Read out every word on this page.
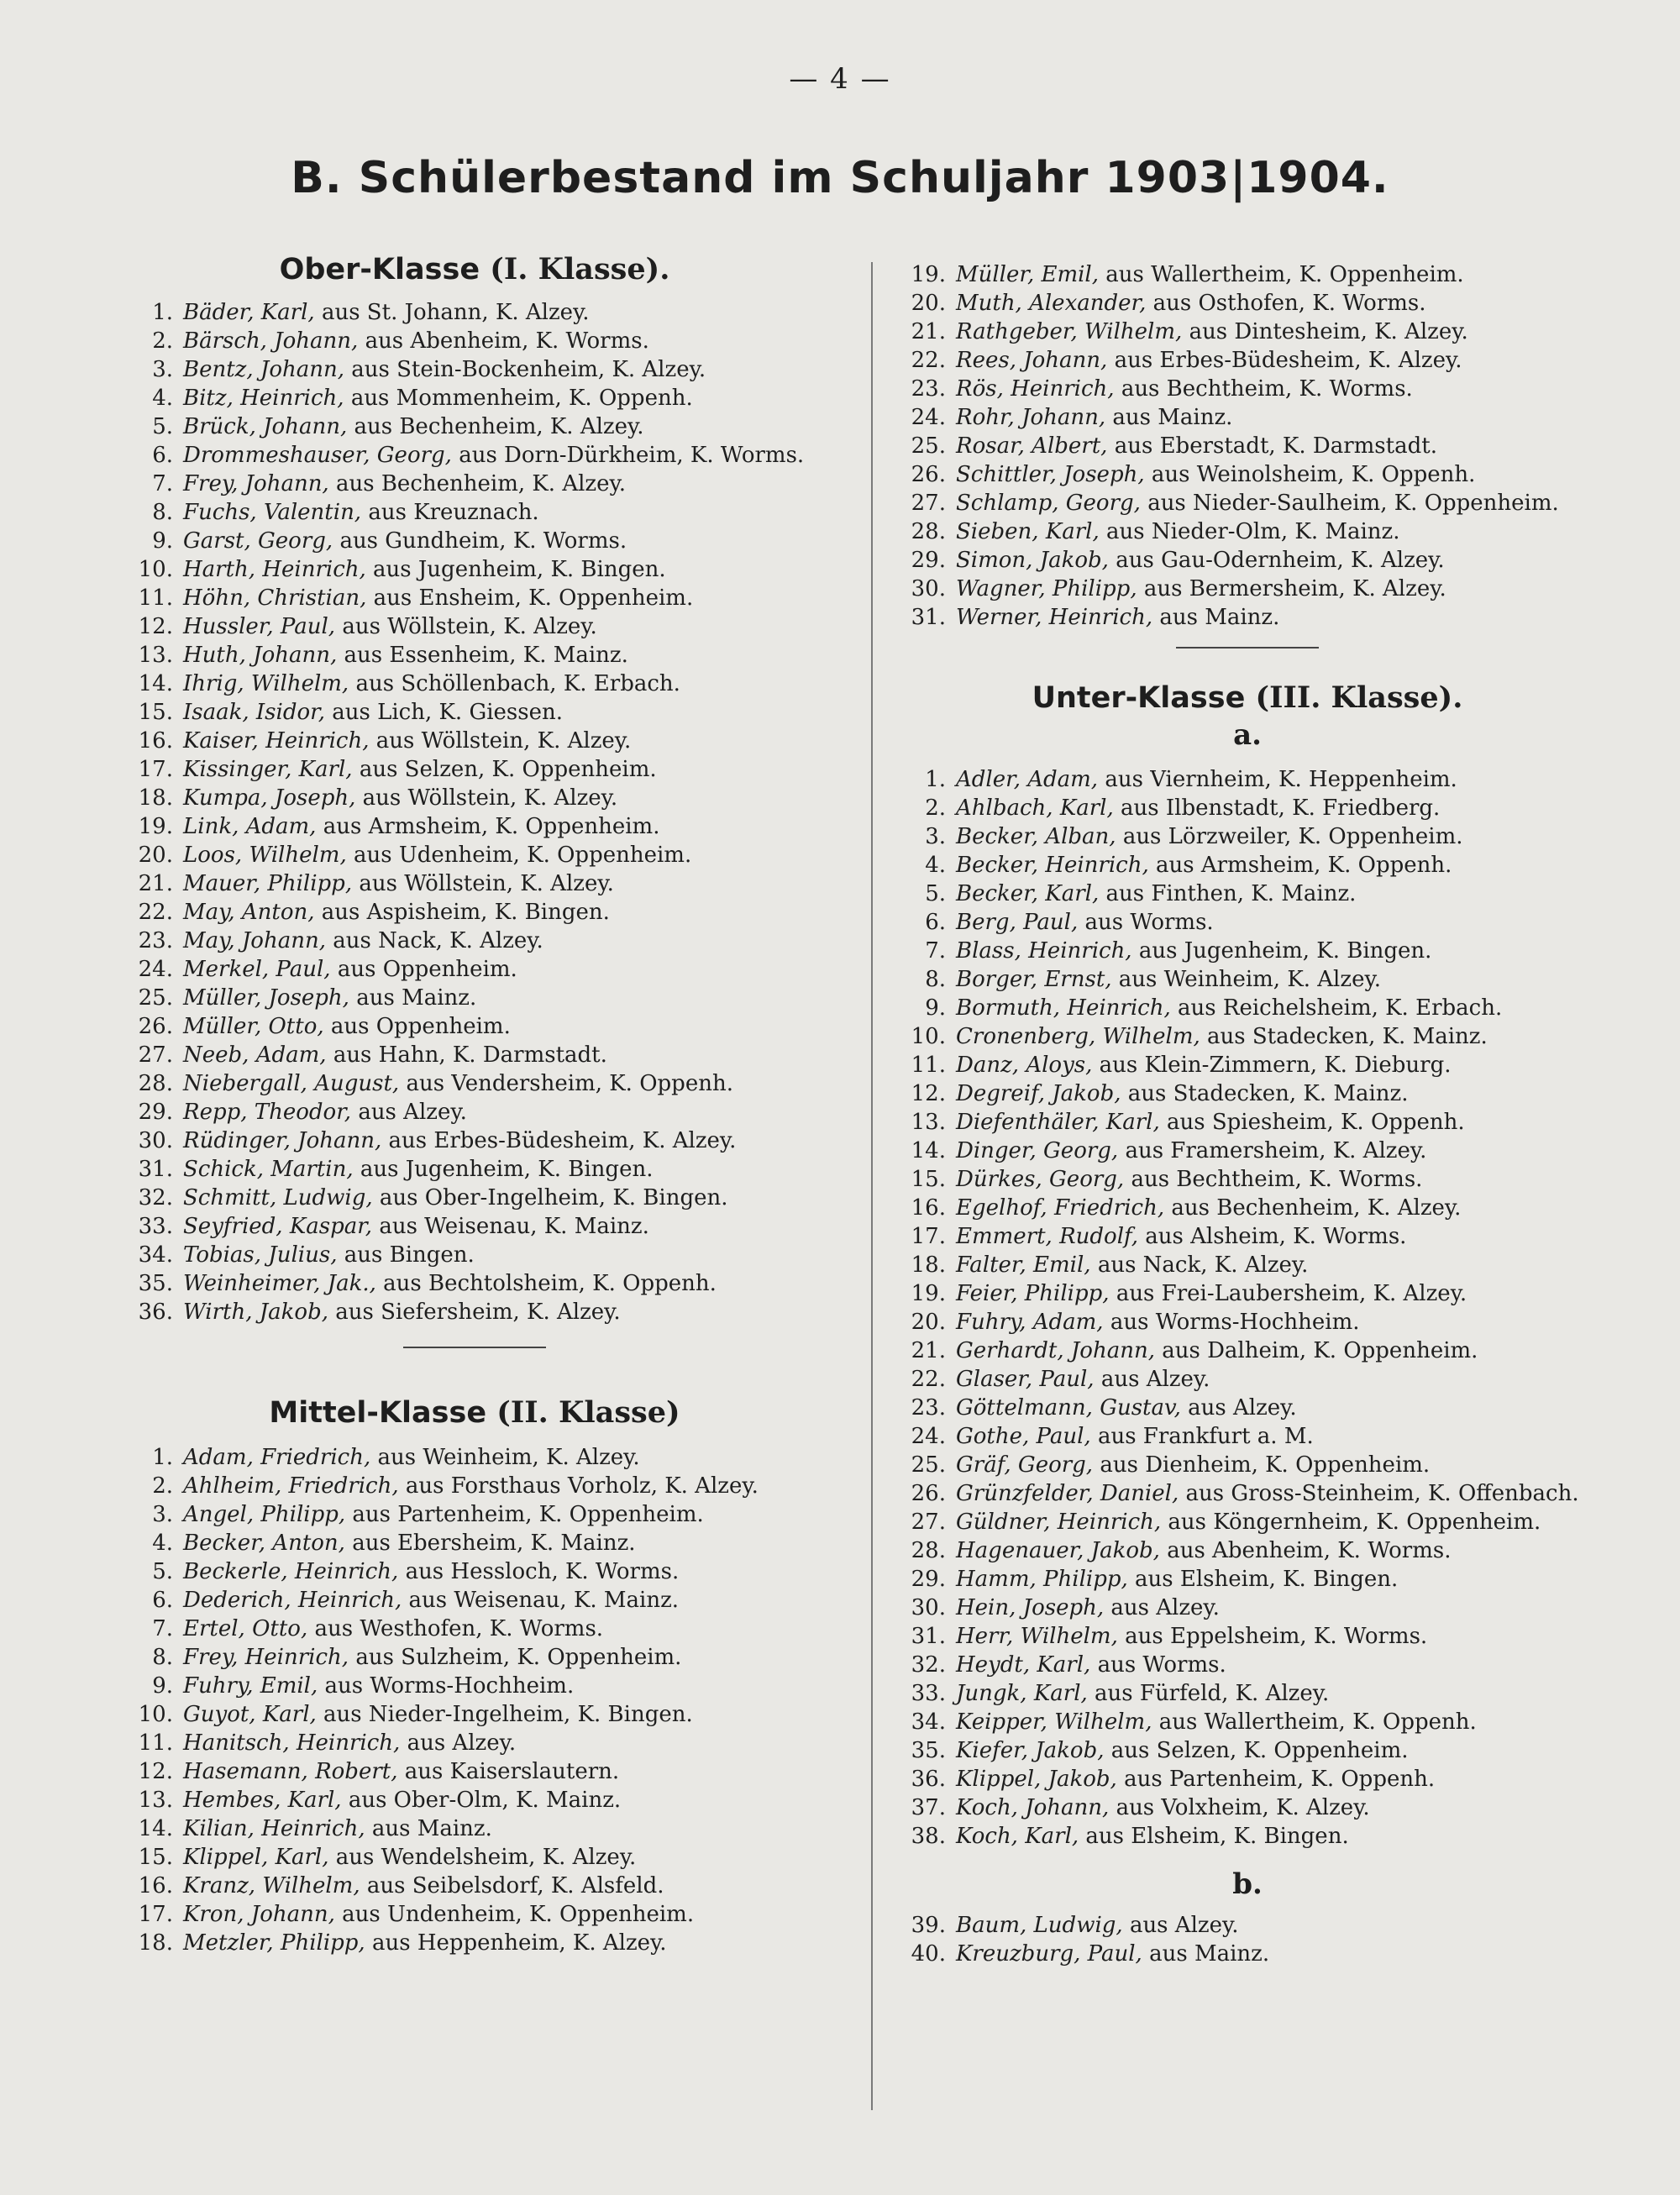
— 4 —
B. Schülerbestand im Schuljahr 1903|1904.
Ober-Klasse (I. Klasse).
1. Bäder, Karl, aus St. Johann, K. Alzey.
2. Bärsch, Johann, aus Abenheim, K. Worms.
3. Bentz, Johann, aus Stein-Bockenheim, K. Alzey.
4. Bitz, Heinrich, aus Mommenheim, K. Oppenh.
5. Brück, Johann, aus Bechenheim, K. Alzey.
6. Drommeshauser, Georg, aus Dorn-Dürkheim, K. Worms.
7. Frey, Johann, aus Bechenheim, K. Alzey.
8. Fuchs, Valentin, aus Kreuznach.
9. Garst, Georg, aus Gundheim, K. Worms.
10. Harth, Heinrich, aus Jugenheim, K. Bingen.
11. Höhn, Christian, aus Ensheim, K. Oppenheim.
12. Hussler, Paul, aus Wöllstein, K. Alzey.
13. Huth, Johann, aus Essenheim, K. Mainz.
14. Ihrig, Wilhelm, aus Schöllenbach, K. Erbach.
15. Isaak, Isidor, aus Lich, K. Giessen.
16. Kaiser, Heinrich, aus Wöllstein, K. Alzey.
17. Kissinger, Karl, aus Selzen, K. Oppenheim.
18. Kumpa, Joseph, aus Wöllstein, K. Alzey.
19. Link, Adam, aus Armsheim, K. Oppenheim.
20. Loos, Wilhelm, aus Udenheim, K. Oppenheim.
21. Mauer, Philipp, aus Wöllstein, K. Alzey.
22. May, Anton, aus Aspisheim, K. Bingen.
23. May, Johann, aus Nack, K. Alzey.
24. Merkel, Paul, aus Oppenheim.
25. Müller, Joseph, aus Mainz.
26. Müller, Otto, aus Oppenheim.
27. Neeb, Adam, aus Hahn, K. Darmstadt.
28. Niebergall, August, aus Vendersheim, K. Oppenh.
29. Repp, Theodor, aus Alzey.
30. Rüdinger, Johann, aus Erbes-Büdesheim, K. Alzey.
31. Schick, Martin, aus Jugenheim, K. Bingen.
32. Schmitt, Ludwig, aus Ober-Ingelheim, K. Bingen.
33. Seyfried, Kaspar, aus Weisenau, K. Mainz.
34. Tobias, Julius, aus Bingen.
35. Weinheimer, Jak., aus Bechtolsheim, K. Oppenh.
36. Wirth, Jakob, aus Siefersheim, K. Alzey.
Mittel-Klasse (II. Klasse)
1. Adam, Friedrich, aus Weinheim, K. Alzey.
2. Ahlheim, Friedrich, aus Forsthaus Vorholz, K. Alzey.
3. Angel, Philipp, aus Partenheim, K. Oppenheim.
4. Becker, Anton, aus Ebersheim, K. Mainz.
5. Beckerle, Heinrich, aus Hessloch, K. Worms.
6. Dederich, Heinrich, aus Weisenau, K. Mainz.
7. Ertel, Otto, aus Westhofen, K. Worms.
8. Frey, Heinrich, aus Sulzheim, K. Oppenheim.
9. Fuhry, Emil, aus Worms-Hochheim.
10. Guyot, Karl, aus Nieder-Ingelheim, K. Bingen.
11. Hanitsch, Heinrich, aus Alzey.
12. Hasemann, Robert, aus Kaiserslautern.
13. Hembes, Karl, aus Ober-Olm, K. Mainz.
14. Kilian, Heinrich, aus Mainz.
15. Klippel, Karl, aus Wendelsheim, K. Alzey.
16. Kranz, Wilhelm, aus Seibelsdorf, K. Alsfeld.
17. Kron, Johann, aus Undenheim, K. Oppenheim.
18. Metzler, Philipp, aus Heppenheim, K. Alzey.
19. Müller, Emil, aus Wallertheim, K. Oppenheim.
20. Muth, Alexander, aus Osthofen, K. Worms.
21. Rathgeber, Wilhelm, aus Dintesheim, K. Alzey.
22. Rees, Johann, aus Erbes-Büdesheim, K. Alzey.
23. Rös, Heinrich, aus Bechtheim, K. Worms.
24. Rohr, Johann, aus Mainz.
25. Rosar, Albert, aus Eberstadt, K. Darmstadt.
26. Schittler, Joseph, aus Weinolsheim, K. Oppenh.
27. Schlamp, Georg, aus Nieder-Saulheim, K. Oppenheim.
28. Sieben, Karl, aus Nieder-Olm, K. Mainz.
29. Simon, Jakob, aus Gau-Odernheim, K. Alzey.
30. Wagner, Philipp, aus Bermersheim, K. Alzey.
31. Werner, Heinrich, aus Mainz.
Unter-Klasse (III. Klasse).
a.
1. Adler, Adam, aus Viernheim, K. Heppenheim.
2. Ahlbach, Karl, aus Ilbenstadt, K. Friedberg.
3. Becker, Alban, aus Lörzweiler, K. Oppenheim.
4. Becker, Heinrich, aus Armsheim, K. Oppenh.
5. Becker, Karl, aus Finthen, K. Mainz.
6. Berg, Paul, aus Worms.
7. Blass, Heinrich, aus Jugenheim, K. Bingen.
8. Borger, Ernst, aus Weinheim, K. Alzey.
9. Bormuth, Heinrich, aus Reichelsheim, K. Erbach.
10. Cronenberg, Wilhelm, aus Stadecken, K. Mainz.
11. Danz, Aloys, aus Klein-Zimmern, K. Dieburg.
12. Degreif, Jakob, aus Stadecken, K. Mainz.
13. Diefenthäler, Karl, aus Spiesheim, K. Oppenh.
14. Dinger, Georg, aus Framersheim, K. Alzey.
15. Dürkes, Georg, aus Bechtheim, K. Worms.
16. Egelhof, Friedrich, aus Bechenheim, K. Alzey.
17. Emmert, Rudolf, aus Alsheim, K. Worms.
18. Falter, Emil, aus Nack, K. Alzey.
19. Feier, Philipp, aus Frei-Laubersheim, K. Alzey.
20. Fuhry, Adam, aus Worms-Hochheim.
21. Gerhardt, Johann, aus Dalheim, K. Oppenheim.
22. Glaser, Paul, aus Alzey.
23. Göttelmann, Gustav, aus Alzey.
24. Gothe, Paul, aus Frankfurt a. M.
25. Gräf, Georg, aus Dienheim, K. Oppenheim.
26. Grünzfelder, Daniel, aus Gross-Steinheim, K. Offenbach.
27. Güldner, Heinrich, aus Köngernheim, K. Oppenheim.
28. Hagenauer, Jakob, aus Abenheim, K. Worms.
29. Hamm, Philipp, aus Elsheim, K. Bingen.
30. Hein, Joseph, aus Alzey.
31. Herr, Wilhelm, aus Eppelsheim, K. Worms.
32. Heydt, Karl, aus Worms.
33. Jungk, Karl, aus Fürfeld, K. Alzey.
34. Keipper, Wilhelm, aus Wallertheim, K. Oppenh.
35. Kiefer, Jakob, aus Selzen, K. Oppenheim.
36. Klippel, Jakob, aus Partenheim, K. Oppenh.
37. Koch, Johann, aus Volxheim, K. Alzey.
38. Koch, Karl, aus Elsheim, K. Bingen.
b.
39. Baum, Ludwig, aus Alzey.
40. Kreuzburg, Paul, aus Mainz.
